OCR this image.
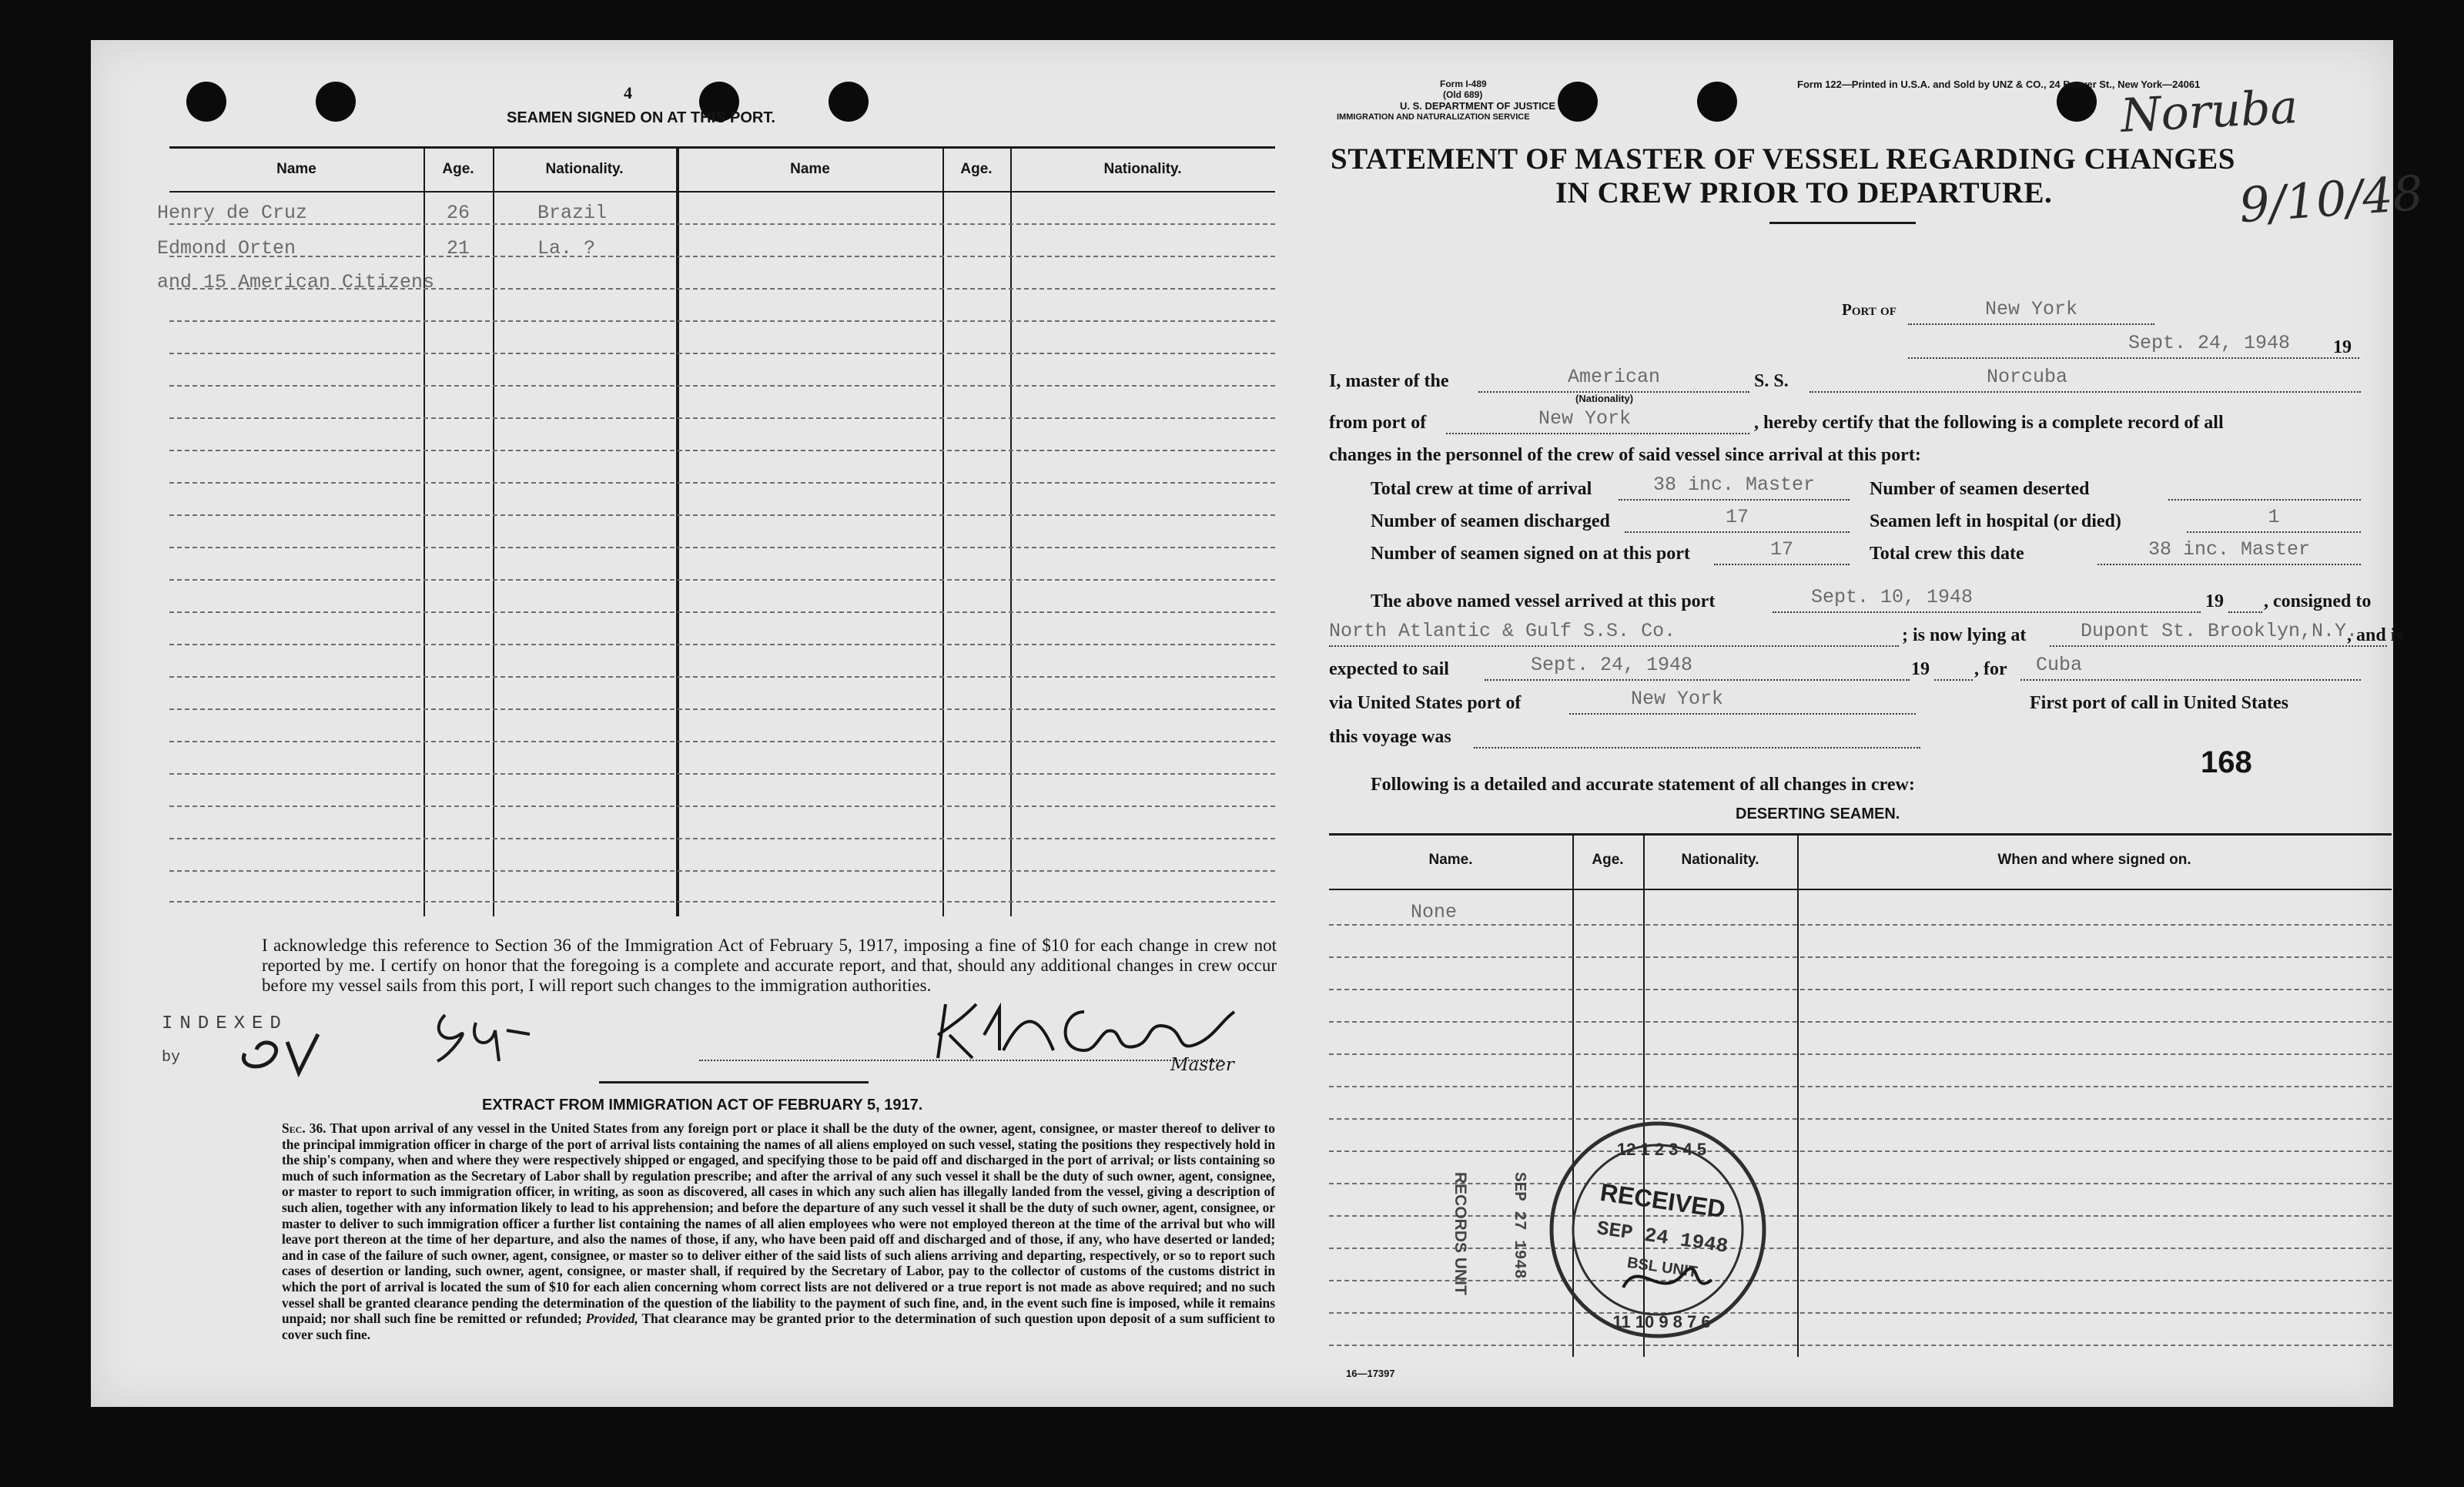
4
SEAMEN SIGNED ON AT THIS PORT.
Name	Age.	Nationality.	Name	Age.	Nationality.
Henry de Cruz	26	Brazil
Edmond Orten	21	La. ?
and 15 American Citizens
I acknowledge this reference to Section 36 of the Immigration Act of February 5, 1917, imposing a fine of $10 for each change in crew not reported by me. I certify on honor that the foregoing is a complete and accurate report, and that, should any additional changes in crew occur before my vessel sails from this port, I will report such changes to the immigration authorities.
INDEXED
by	Master
EXTRACT FROM IMMIGRATION ACT OF FEBRUARY 5, 1917.
Sec. 36. That upon arrival of any vessel in the United States from any foreign port or place it shall be the duty of the owner, agent, consignee, or master thereof to deliver to the principal immigration officer in charge of the port of arrival lists containing the names of all aliens employed on such vessel, stating the positions they respectively hold in the ship's company, when and where they were respectively shipped or engaged, and specifying those to be paid off and discharged in the port of arrival; or lists containing so much of such information as the Secretary of Labor shall by regulation prescribe; and after the arrival of any such vessel it shall be the duty of such owner, agent, consignee, or master to report to such immigration officer, in writing, as soon as discovered, all cases in which any such alien has illegally landed from the vessel, giving a description of such alien, together with any information likely to lead to his apprehension; and before the departure of any such vessel it shall be the duty of such owner, agent, consignee, or master to deliver to such immigration officer a further list containing the names of all alien employees who were not employed thereon at the time of the arrival but who will leave port thereon at the time of her departure, and also the names of those, if any, who have been paid off and discharged and of those, if any, who have deserted or landed; and in case of the failure of such owner, agent, consignee, or master so to deliver either of the said lists of such aliens arriving and departing, respectively, or so to report such cases of desertion or landing, such owner, agent, consignee, or master shall, if required by the Secretary of Labor, pay to the collector of customs of the customs district in which the port of arrival is located the sum of $10 for each alien concerning whom correct lists are not delivered or a true report is not made as above required; and no such vessel shall be granted clearance pending the determination of the question of the liability to the payment of such fine, and, in the event such fine is imposed, while it remains unpaid; nor shall such fine be remitted or refunded; Provided, That clearance may be granted prior to the determination of such question upon deposit of a sum sufficient to cover such fine.
Form I-489
(Old 689)
U. S. DEPARTMENT OF JUSTICE
IMMIGRATION AND NATURALIZATION SERVICE
Form 122—Printed in U.S.A. and Sold by UNZ & CO., 24 Beaver St., New York—24061
Noruba
9/10/48
STATEMENT OF MASTER OF VESSEL REGARDING CHANGES
IN CREW PRIOR TO DEPARTURE.
Port of	New York
Sept. 24, 1948	19
I, master of the	American
(Nationality)
S. S.	Norcuba
from port of	New York	, hereby certify that the following is a complete record of all
changes in the personnel of the crew of said vessel since arrival at this port:
Total crew at time of arrival	38 inc. Master	Number of seamen deserted
Number of seamen discharged	17	Seamen left in hospital (or died)	1
Number of seamen signed on at this port	17	Total crew this date	38 inc. Master
The above named vessel arrived at this port	Sept. 10, 1948	19 , consigned to
North Atlantic & Gulf S.S. Co.	; is now lying at	Dupont St. Brooklyn,N.Y.
, and is
expected to sail	Sept. 24, 1948	19 , for	Cuba
via United States port of	New York	First port of call in United States
this voyage was
168
Following is a detailed and accurate statement of all changes in crew:
DESERTING SEAMEN.
Name.	Age.	Nationality.	When and where signed on.
None
12 1 2 3 4 5
11 10 9 8 7 6
RECEIVED
SEP 24 1948
BSL UNIT
RECORDS UNIT	SEP 27 1948
16—17397
